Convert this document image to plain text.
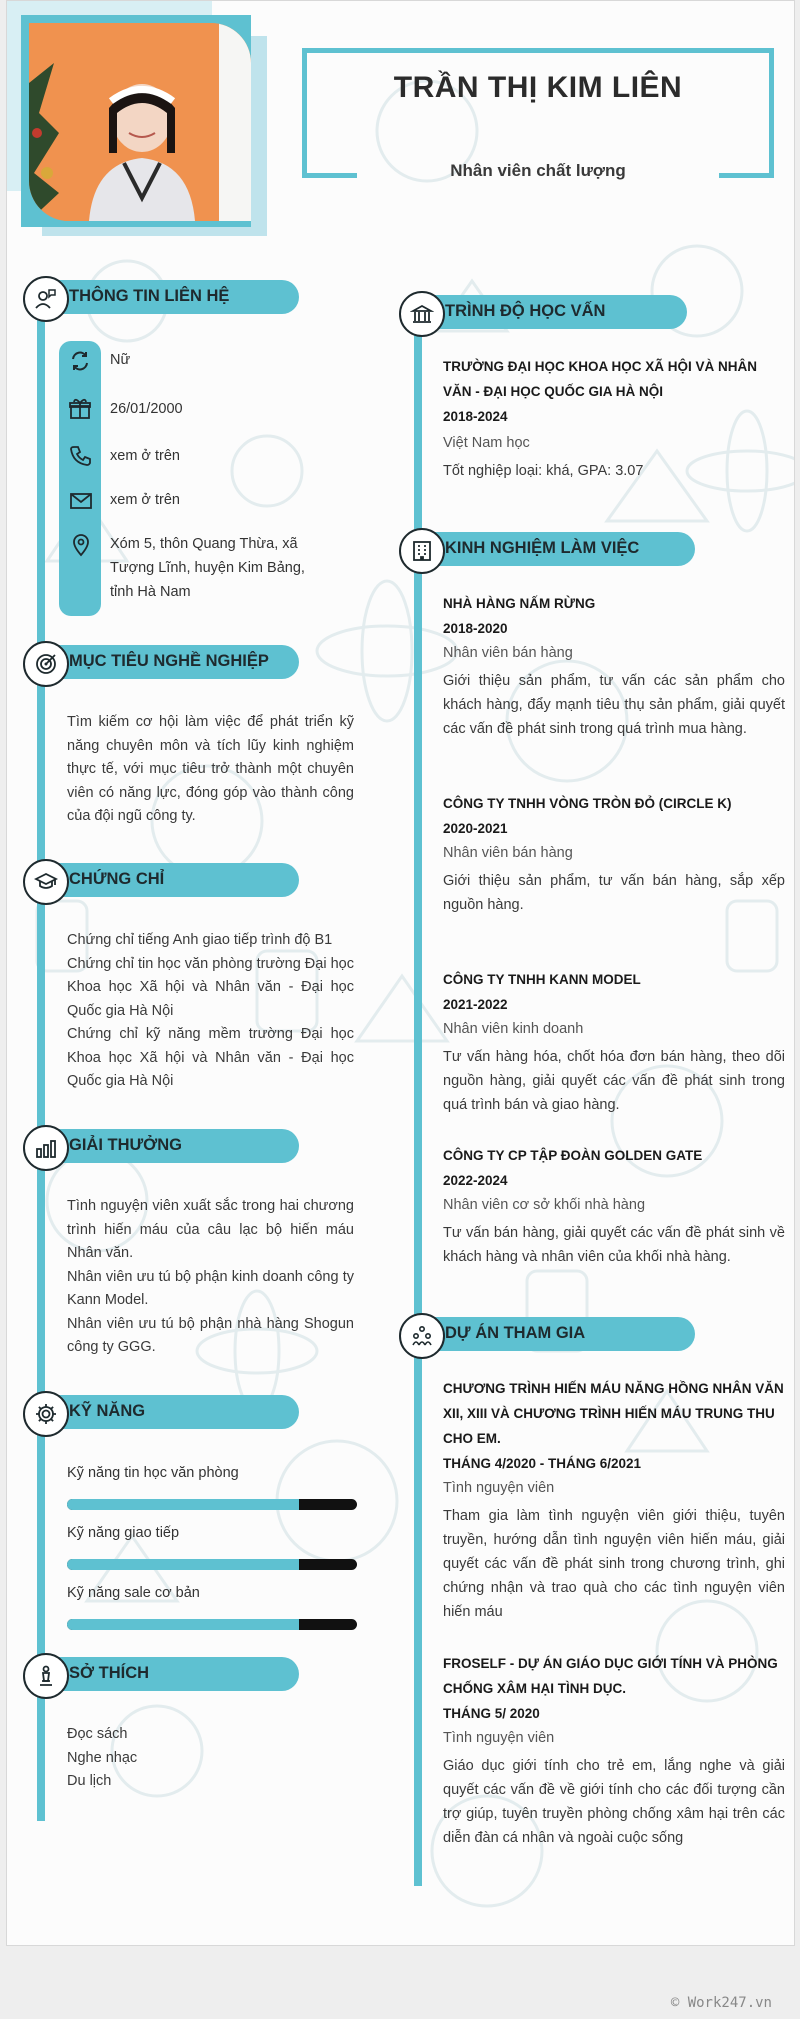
TRẦN THỊ KIM LIÊN
Nhân viên chất lượng
THÔNG TIN LIÊN HỆ
Nữ
26/01/2000
xem ở trên
xem ở trên
Xóm 5, thôn Quang Thừa, xã Tượng Lĩnh, huyện Kim Bảng, tỉnh Hà Nam
MỤC TIÊU NGHỀ NGHIỆP
Tìm kiếm cơ hội làm việc để phát triển kỹ năng chuyên môn và tích lũy kinh nghiệm thực tế, với mục tiêu trở thành một chuyên viên có năng lực, đóng góp vào thành công của đội ngũ công ty.
CHỨNG CHỈ
Chứng chỉ tiếng Anh giao tiếp trình độ B1
Chứng chỉ tin học văn phòng trường Đại học Khoa học Xã hội và Nhân văn - Đại học Quốc gia Hà Nội
Chứng chỉ kỹ năng mềm trường Đại học Khoa học Xã hội và Nhân văn - Đại học Quốc gia Hà Nội
GIẢI THƯỞNG
Tình nguyện viên xuất sắc trong hai chương trình hiến máu của câu lạc bộ hiến máu Nhân văn.
Nhân viên ưu tú bộ phận kinh doanh công ty Kann Model.
Nhân viên ưu tú bộ phận nhà hàng Shogun công ty GGG.
KỸ NĂNG
Kỹ năng tin học văn phòng
Kỹ năng giao tiếp
Kỹ năng sale cơ bản
SỞ THÍCH
Đọc sách
Nghe nhạc
Du lịch
TRÌNH ĐỘ HỌC VẤN
TRƯỜNG ĐẠI HỌC KHOA HỌC XÃ HỘI VÀ NHÂN VĂN - ĐẠI HỌC QUỐC GIA HÀ NỘI
2018-2024
Việt Nam học
Tốt nghiệp loại: khá, GPA: 3.07
KINH NGHIỆM LÀM VIỆC
NHÀ HÀNG NẤM RỪNG
2018-2020
Nhân viên bán hàng
Giới thiệu sản phẩm, tư vấn các sản phẩm cho khách hàng, đẩy mạnh tiêu thụ sản phẩm, giải quyết các vấn đề phát sinh trong quá trình mua hàng.
CÔNG TY TNHH VÒNG TRÒN ĐỎ (CIRCLE K)
2020-2021
Nhân viên bán hàng
Giới thiệu sản phẩm, tư vấn bán hàng, sắp xếp nguồn hàng.
CÔNG TY TNHH KANN MODEL
2021-2022
Nhân viên kinh doanh
Tư vấn hàng hóa, chốt hóa đơn bán hàng, theo dõi nguồn hàng, giải quyết các vấn đề phát sinh trong quá trình bán và giao hàng.
CÔNG TY CP TẬP ĐOÀN GOLDEN GATE
2022-2024
Nhân viên cơ sở khối nhà hàng
Tư vấn bán hàng, giải quyết các vấn đề phát sinh về khách hàng và nhân viên của khối nhà hàng.
DỰ ÁN THAM GIA
CHƯƠNG TRÌNH HIẾN MÁU NĂNG HỒNG NHÂN VĂN XII, XIII VÀ CHƯƠNG TRÌNH HIẾN MÁU TRUNG THU CHO EM.
THÁNG 4/2020 - THÁNG 6/2021
Tình nguyện viên
Tham gia làm tình nguyện viên giới thiệu, tuyên truyền, hướng dẫn tình nguyện viên hiến máu, giải quyết các vấn đề phát sinh trong chương trình, ghi chứng nhận và trao quà cho các tình nguyện viên hiến máu
FROSELF - DỰ ÁN GIÁO DỤC GIỚI TÍNH VÀ PHÒNG CHỐNG XÂM HẠI TÌNH DỤC.
THÁNG 5/ 2020
Tình nguyện viên
Giáo dục giới tính cho trẻ em, lắng nghe và giải quyết các vấn đề về giới tính cho các đối tượng cần trợ giúp, tuyên truyền phòng chống xâm hại trên các diễn đàn cá nhân và ngoài cuộc sống
© Work247.vn
